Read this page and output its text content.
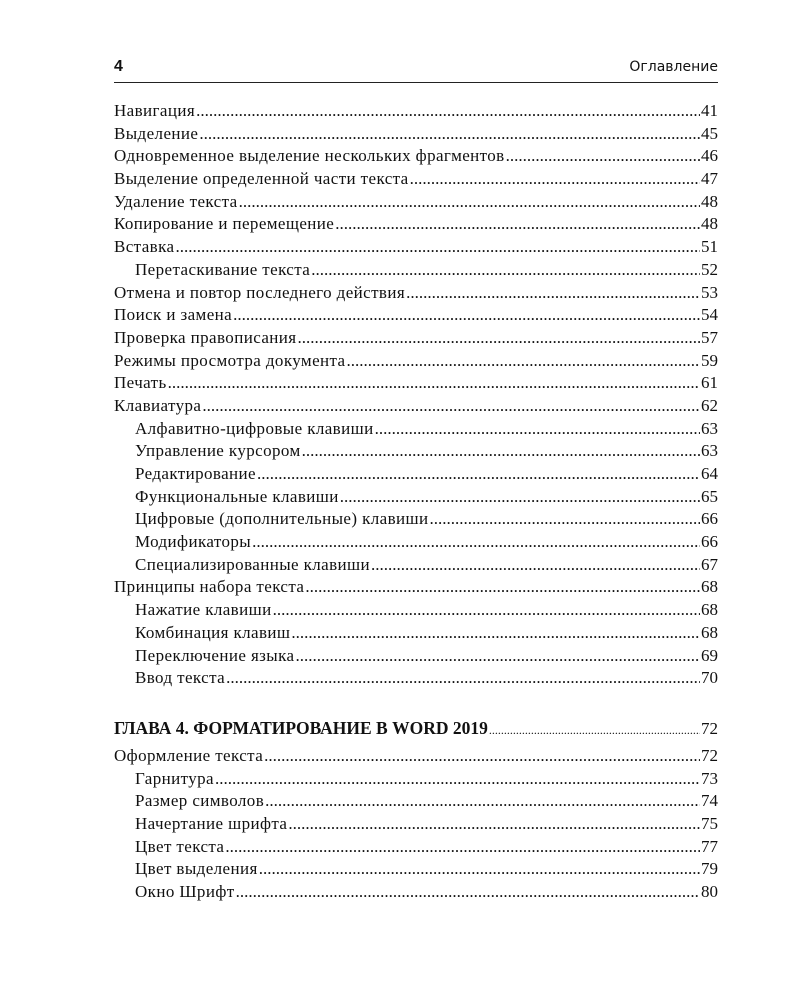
4	Оглавление
Навигация .....	41
Выделение .....	45
Одновременное выделение нескольких фрагментов .....	46
Выделение определенной части текста .....	47
Удаление текста .....	48
Копирование и перемещение .....	48
Вставка .....	51
Перетаскивание текста .....	52
Отмена и повтор последнего действия .....	53
Поиск и замена .....	54
Проверка правописания .....	57
Режимы просмотра документа .....	59
Печать .....	61
Клавиатура .....	62
Алфавитно-цифровые клавиши .....	63
Управление курсором .....	63
Редактирование .....	64
Функциональные клавиши .....	65
Цифровые (дополнительные) клавиши .....	66
Модификаторы .....	66
Специализированные клавиши .....	67
Принципы набора текста .....	68
Нажатие клавиши .....	68
Комбинация клавиш .....	68
Переключение языка .....	69
Ввод текста .....	70
ГЛАВА 4. ФОРМАТИРОВАНИЕ В WORD 2019 .....	72
Оформление текста .....	72
Гарнитура .....	73
Размер символов .....	74
Начертание шрифта .....	75
Цвет текста .....	77
Цвет выделения .....	79
Окно Шрифт .....	80
